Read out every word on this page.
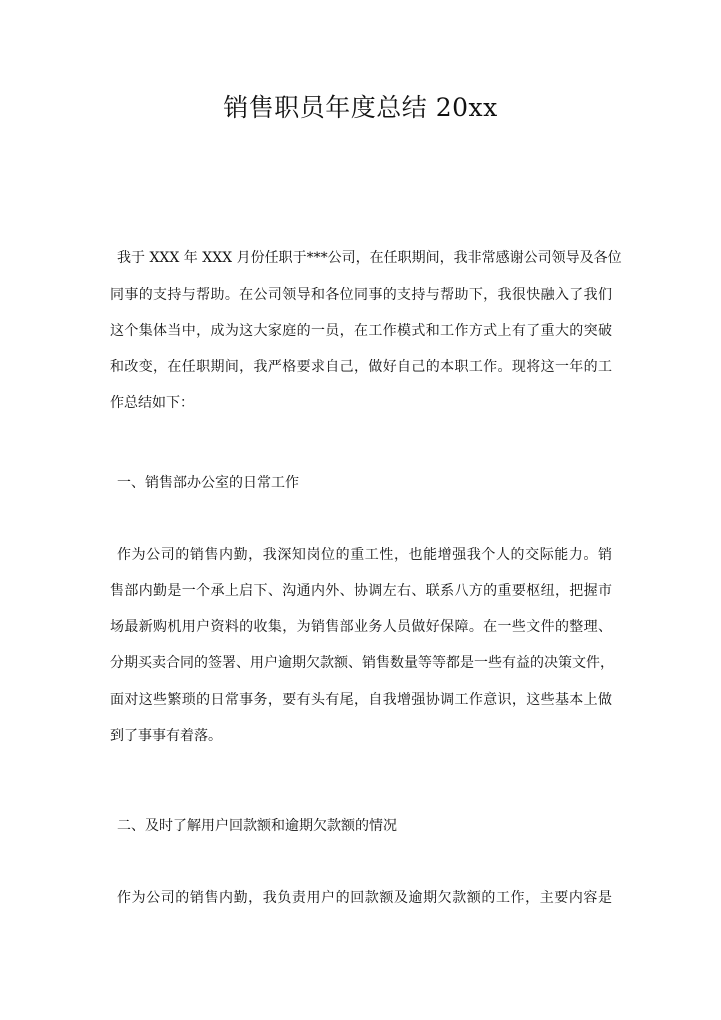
销售职员年度总结 20xx
我于 XXX 年 XXX 月份任职于***公司，在任职期间，我非常感谢公司领导及各位
同事的支持与帮助。在公司领导和各位同事的支持与帮助下，我很快融入了我们
这个集体当中，成为这大家庭的一员，在工作模式和工作方式上有了重大的突破
和改变，在任职期间，我严格要求自己，做好自己的本职工作。现将这一年的工
作总结如下：
一、销售部办公室的日常工作
作为公司的销售内勤，我深知岗位的重工性，也能增强我个人的交际能力。销
售部内勤是一个承上启下、沟通内外、协调左右、联系八方的重要枢纽，把握市
场最新购机用户资料的收集，为销售部业务人员做好保障。在一些文件的整理、
分期买卖合同的签署、用户逾期欠款额、销售数量等等都是一些有益的决策文件，
面对这些繁琐的日常事务，要有头有尾，自我增强协调工作意识，这些基本上做
到了事事有着落。
二、及时了解用户回款额和逾期欠款额的情况
作为公司的销售内勤，我负责用户的回款额及逾期欠款额的工作，主要内容是
